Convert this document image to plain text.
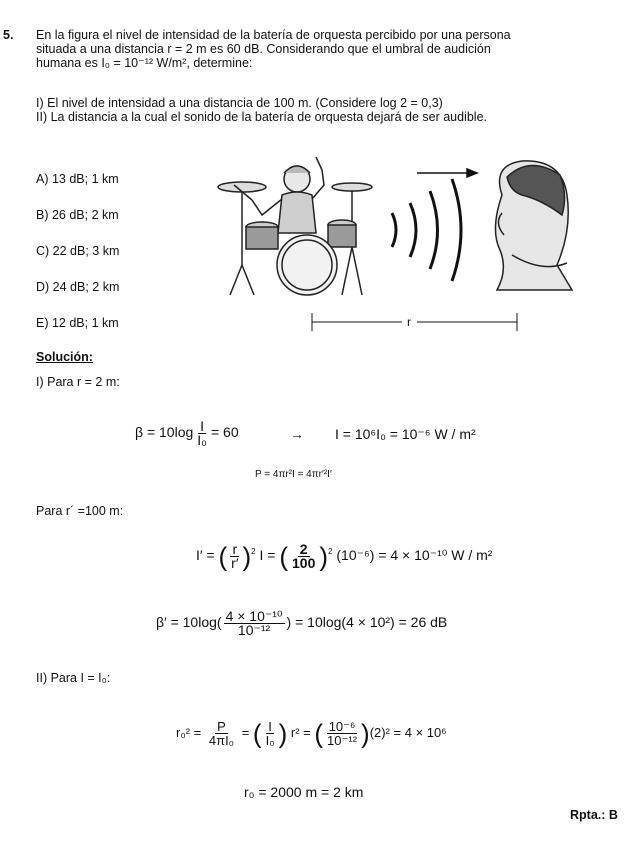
5. En la figura el nivel de intensidad de la batería de orquesta percibido por una persona
situada a una distancia r = 2 m es 60 dB. Considerando que el umbral de audición
humana es I₀ = 10⁻¹² W/m², determine:
I) El nivel de intensidad a una distancia de 100 m. (Considere log 2 = 0,3)
II) La distancia a la cual el sonido de la batería de orquesta dejará de ser audible.
A) 13 dB; 1 km
B) 26 dB; 2 km
C) 22 dB; 3 km
D) 24 dB; 2 km
E) 12 dB; 1 km	r
Solución:
I) Para r = 2 m:
$\beta = 10\log \frac{I}{\text{I₀}} = 60$	→ I = 10⁶I₀ = 10⁻⁶ W / m²
P = 4πr²I = 4πr′²I′
Para r´ =100 m:
I′ = ( $\frac{r}{r'} )^2$ I = ( $\frac{2}{100} )^2$ (10⁻⁶) = 4 × 10⁻¹⁰ W / m²
$\beta' = 10\log( \frac{\text{4 × 10⁻¹⁰}}{\text{10⁻¹²}}$ ) = 10log(4 × 10²) = 26 dB
II) Para I = I₀:
$r_0^2 = \frac{P}{\text{4πI₀}}$ = ( $\frac{I}{\text{I₀}}$ ) r² = ( $\frac{\text{10⁻⁶}}{\text{10⁻¹²}} )(2)^2 = 4 \times 10^6$
r₀ = 2000 m = 2 km
Rpta.: B
